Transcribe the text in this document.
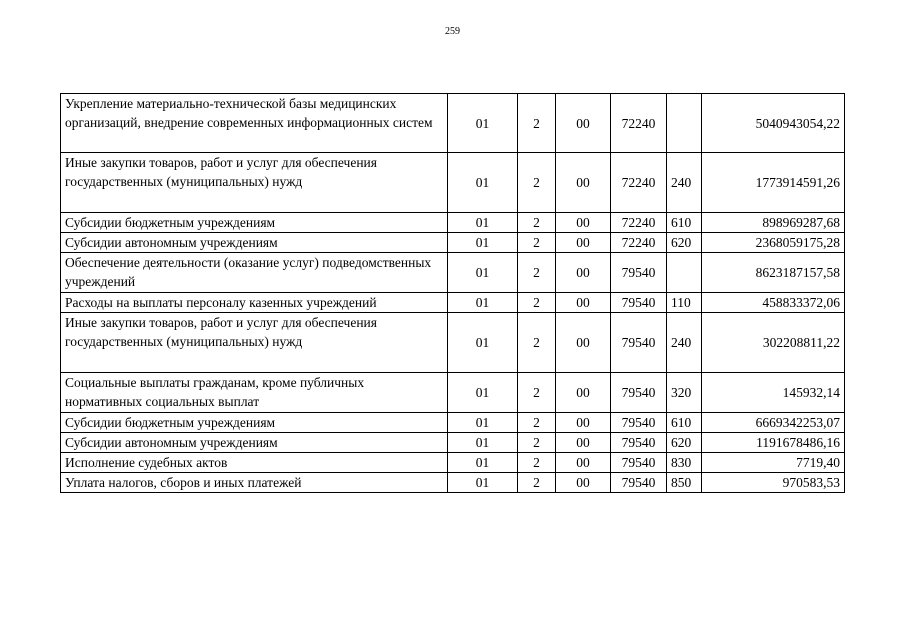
259
Укрепление материально-технической базы медицинских организаций, внедрение современных информационных систем	01	2	00	72240		5040943054,22
Иные закупки товаров, работ и услуг для обеспечения государственных (муниципальных) нужд	01	2	00	72240	240	1773914591,26
Субсидии бюджетным учреждениям	01	2	00	72240	610	898969287,68
Субсидии автономным учреждениям	01	2	00	72240	620	2368059175,28
Обеспечение деятельности (оказание услуг) подведомственных учреждений	01	2	00	79540		8623187157,58
Расходы на выплаты персоналу казенных учреждений	01	2	00	79540	110	458833372,06
Иные закупки товаров, работ и услуг для обеспечения государственных (муниципальных) нужд	01	2	00	79540	240	302208811,22
Социальные выплаты гражданам, кроме публичных нормативных социальных выплат	01	2	00	79540	320	145932,14
Субсидии бюджетным учреждениям	01	2	00	79540	610	6669342253,07
Субсидии автономным учреждениям	01	2	00	79540	620	1191678486,16
Исполнение судебных актов	01	2	00	79540	830	7719,40
Уплата налогов, сборов и иных платежей	01	2	00	79540	850	970583,53
